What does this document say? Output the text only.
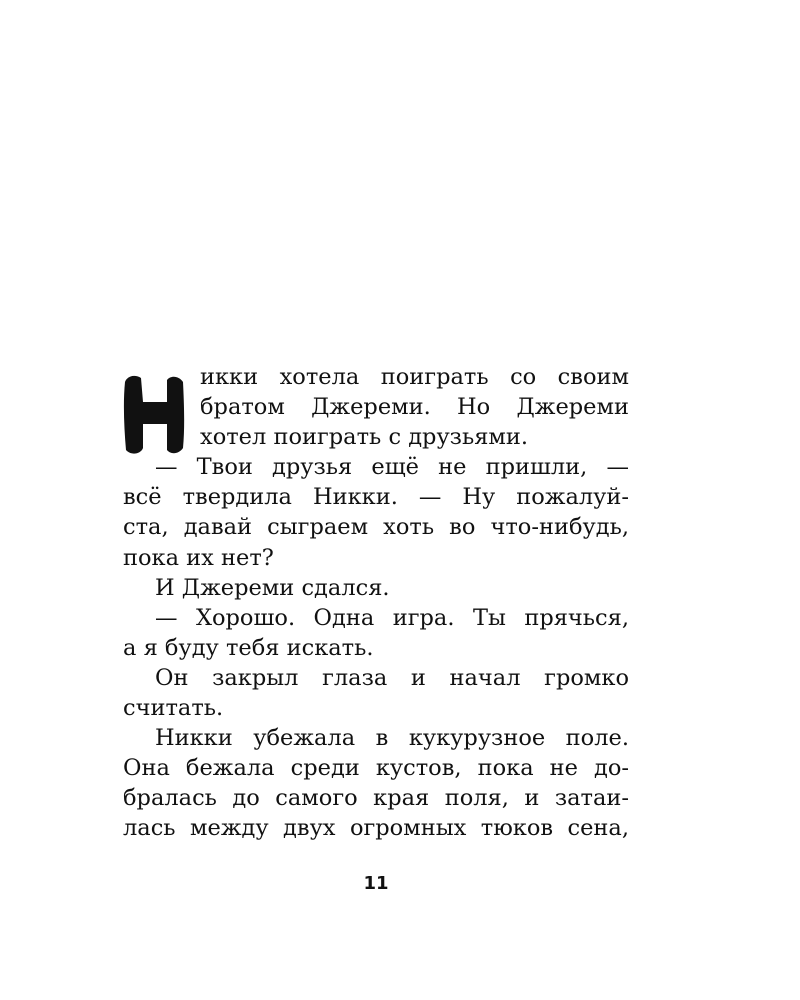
икки хотела поиграть со своим
братом Джереми. Но Джереми
хотел поиграть с друзьями.
— Твои друзья ещё не пришли, —
всё твердила Никки. — Ну пожалуй-
ста, давай сыграем хоть во что-нибудь,
пока их нет?
И Джереми сдался.
— Хорошо. Одна игра. Ты прячься,
а я буду тебя искать.
Он закрыл глаза и начал громко
считать.
Никки убежала в кукурузное поле.
Она бежала среди кустов, пока не до-
бралась до самого края поля, и затаи-
лась между двух огромных тюков сена,
11
